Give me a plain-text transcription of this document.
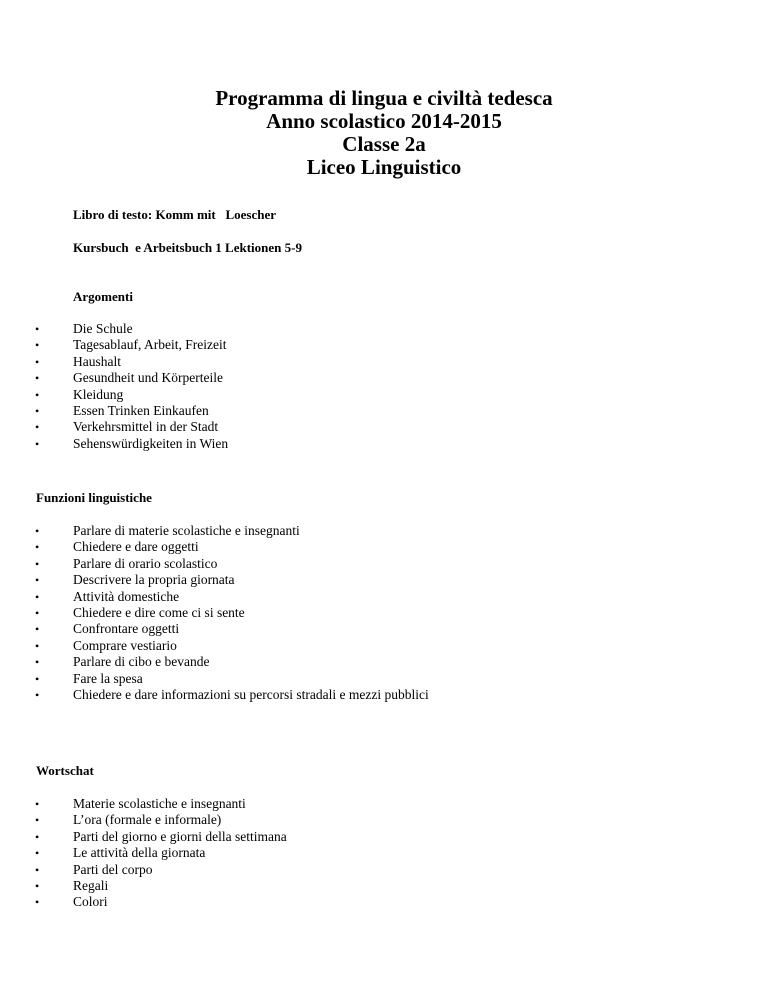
Programma di lingua e civiltà tedesca
Anno scolastico 2014-2015
Classe 2a
Liceo Linguistico
Libro di testo: Komm mit   Loescher
Kursbuch  e Arbeitsbuch 1 Lektionen 5-9
Argomenti
•	Die Schule
•	Tagesablauf, Arbeit, Freizeit
•	Haushalt
•	Gesundheit und Körperteile
•	Kleidung
•	Essen Trinken Einkaufen
•	Verkehrsmittel in der Stadt
•	Sehenswürdigkeiten in Wien
Funzioni linguistiche
•	Parlare di materie scolastiche e insegnanti
•	Chiedere e dare oggetti
•	Parlare di orario scolastico
•	Descrivere la propria giornata
•	Attività domestiche
•	Chiedere e dire come ci si sente
•	Confrontare oggetti
•	Comprare vestiario
•	Parlare di cibo e bevande
•	Fare la spesa
•	Chiedere e dare informazioni su percorsi stradali e mezzi pubblici
Wortschat
•	Materie scolastiche e insegnanti
•	L’ora (formale e informale)
•	Parti del giorno e giorni della settimana
•	Le attività della giornata
•	Parti del corpo
•	Regali
•	Colori
